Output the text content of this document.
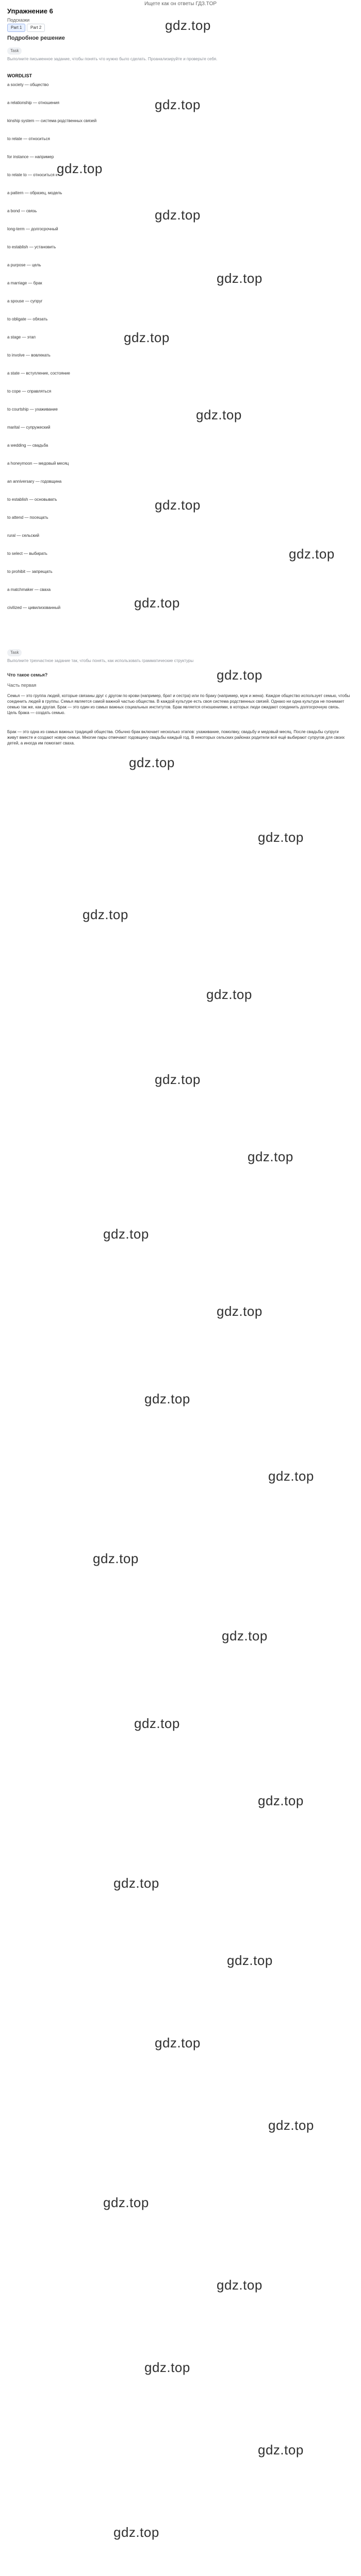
Ищете как он ответы ГДЗ.TOP
Упражнение 6
Подсказки
Part 1	Part 2
Подробное решение
Task
Выполните письменное задание, чтобы понять что нужно было сделать. Проанализируйте и проверьте себя.
WORDLIST
a society — общество
a relationship — отношения
kinship system — система родственных связей
to relate — относиться
for instance — например
to relate to — относиться к
a pattern — образец, модель
a bond — связь
long-term — долгосрочный
to establish — установить
a purpose — цель
a marriage — брак
a spouse — супруг
to obligate — обязать
a stage — этап
to involve — вовлекать
a state — вступление, состояние
to cope — справляться
to courtship — ухаживание
marital — супружеский
a wedding — свадьба
a honeymoon — медовый месяц
an anniversary — годовщина
to establish — основывать
to attend — посещать
rural — сельский
to select — выбирать
to prohibit — запрещать
a matchmaker — сваха
civilized — цивилизованный
Task
Выполните трехчастное задание так, чтобы понять, как использовать грамматические структуры
Что такое семья?
Часть первая
Семья — это группа людей, которые связаны друг с другом по крови (например, брат и сестра) или по браку (например, муж и жена). Каждое общество использует семью, чтобы соединить людей в группы. Семья является самой важной частью общества. В каждой культуре есть своя система родственных связей. Однако ни одна культура не понимает семью так же, как другая. Брак — это один из самых важных социальных институтов. Брак является отношениями, в которых люди ожидают соединить долгосрочную связь. Цель брака — создать семью.
Брак — это одна из самых важных традиций общества. Обычно брак включает несколько этапов: ухаживание, помолвку, свадьбу и медовый месяц. После свадьбы супруги живут вместе и создают новую семью. Многие пары отмечают годовщину свадьбы каждый год. В некоторых сельских районах родители всё ещё выбирают супругов для своих детей, а иногда им помогает сваха.
gdz.top
gdz.top
gdz.top
gdz.top
gdz.top
gdz.top
gdz.top
gdz.top
gdz.top
gdz.top
gdz.top
gdz.top
gdz.top
gdz.top
gdz.top
gdz.top
gdz.top
gdz.top
gdz.top
gdz.top
gdz.top
gdz.top
gdz.top
gdz.top
gdz.top
gdz.top
gdz.top
gdz.top
gdz.top
gdz.top
gdz.top
gdz.top
gdz.top
gdz.top
